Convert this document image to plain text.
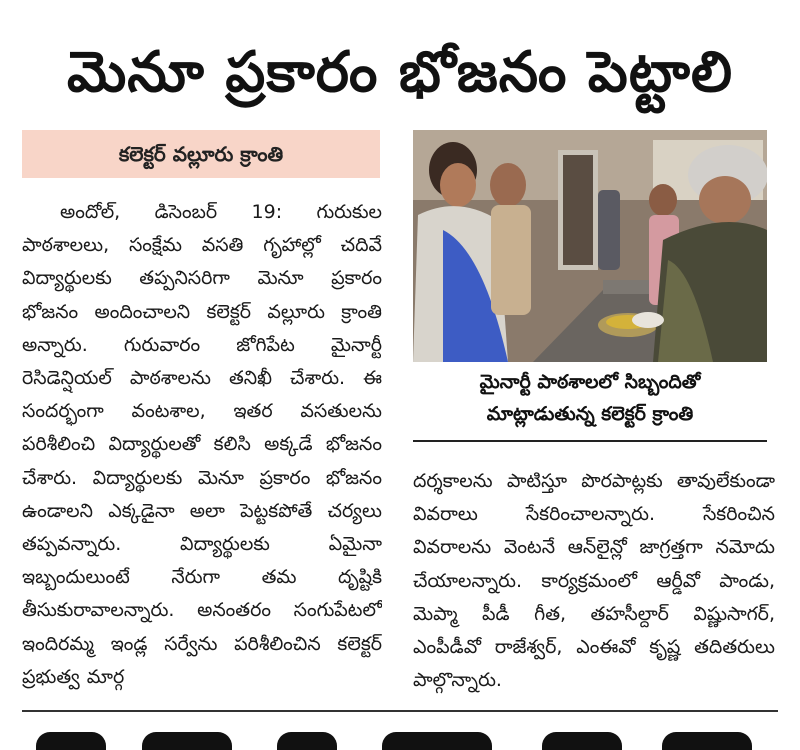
మెనూ ప్రకారం భోజనం పెట్టాలి
కలెక్టర్ వల్లూరు క్రాంతి

అందోల్, డిసెంబర్ 19: గురుకుల పాఠశాలలు, సంక్షేమ వసతి గృహాల్లో చదివే విద్యార్థులకు తప్పనిసరిగా మెనూ ప్రకారం భోజనం అందించాలని కలెక్టర్ వల్లూరు క్రాంతి అన్నారు. గురువారం జోగిపేట మైనార్టీ రెసిడెన్షియల్ పాఠశాలను తనిఖీ చేశారు. ఈ సందర్భంగా వంటశాల, ఇతర వసతులను పరిశీలించి విద్యార్థులతో కలిసి అక్కడే భోజనం చేశారు. విద్యార్థులకు మెనూ ప్రకారం భోజనం ఉండాలని ఎక్కడైనా అలా పెట్టకపోతే చర్యలు తప్పవన్నారు. విద్యార్థులకు ఏమైనా ఇబ్బందులుంటే నేరుగా తమ దృష్టికి తీసుకురావాలన్నారు. అనంతరం సంగుపేటలో ఇందిరమ్మ ఇండ్ల సర్వేను పరిశీలించిన కలెక్టర్ ప్రభుత్వ మార్గ

మైనార్టీ పాఠశాలలో సిబ్బందితో
మాట్లాడుతున్న కలెక్టర్ క్రాంతి

దర్శకాలను పాటిస్తూ పొరపాట్లకు తావులేకుండా వివరాలు సేకరించాలన్నారు. సేకరించిన వివరాలను వెంటనే ఆన్‌లైన్లో జాగ్రత్తగా నమోదు చేయాలన్నారు. కార్యక్రమంలో ఆర్డీవో పాండు, మెప్మా పీడీ గీత, తహసీల్దార్ విష్ణుసాగర్, ఎంపీడీవో రాజేశ్వర్, ఎంఈవో కృష్ణ తదితరులు పాల్గొన్నారు.
